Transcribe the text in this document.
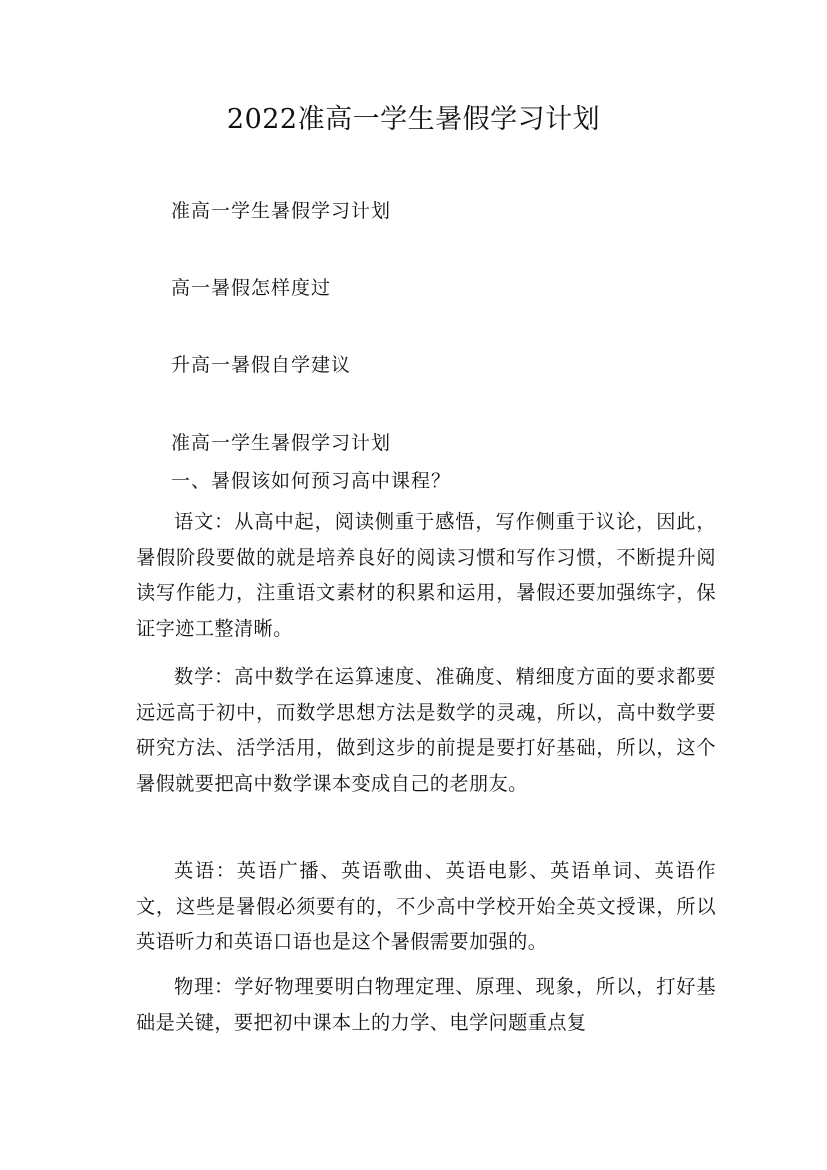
2022准高一学生暑假学习计划

准高一学生暑假学习计划

高一暑假怎样度过

升高一暑假自学建议

准高一学生暑假学习计划

一、暑假该如何预习高中课程？

语文：从高中起，阅读侧重于感悟，写作侧重于议论，因此，暑假阶段要做的就是培养良好的阅读习惯和写作习惯，不断提升阅读写作能力，注重语文素材的积累和运用，暑假还要加强练字，保证字迹工整清晰。

数学：高中数学在运算速度、准确度、精细度方面的要求都要远远高于初中，而数学思想方法是数学的灵魂，所以，高中数学要研究方法、活学活用，做到这步的前提是要打好基础，所以，这个暑假就要把高中数学课本变成自己的老朋友。

英语：英语广播、英语歌曲、英语电影、英语单词、英语作文，这些是暑假必须要有的，不少高中学校开始全英文授课，所以英语听力和英语口语也是这个暑假需要加强的。

物理：学好物理要明白物理定理、原理、现象，所以，打好基础是关键，要把初中课本上的力学、电学问题重点复
